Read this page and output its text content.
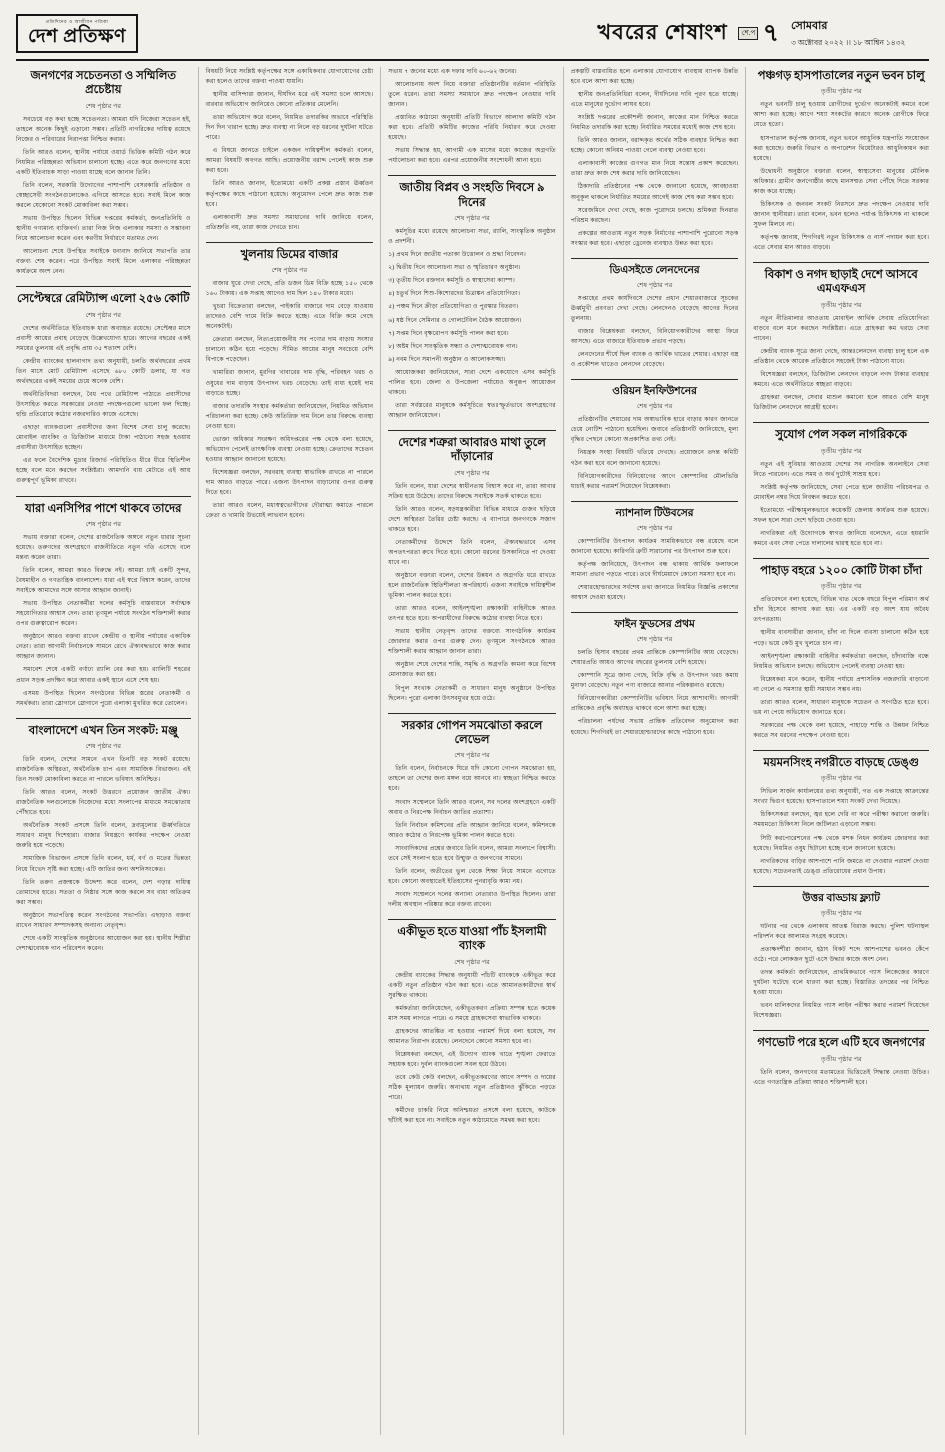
প্রতিদিনের ও আজীবন পত্রিকা
দেশ প্রতিক্ষণ	খবরের শেষাংশ	শে.প ৭ সোমবার
৩ অক্টোবর ২০২২ ।। ১৮ আশ্বিন ১৪৩২
জনগণের সচেতনতা ও সম্মিলিত প্রচেষ্টায়
শেষ পৃষ্ঠার পর

সবচেয়ে বড় কথা হচ্ছে সচেতনতা। আমরা যদি নিজেরা সচেতন হই, তাহলে অনেক কিছুই এড়ানো সম্ভব। প্রতিটি নাগরিকের দায়িত্ব রয়েছে নিজের ও পরিবারের নিরাপত্তা নিশ্চিত করার।

তিনি আরও বলেন, স্থানীয় পর্যায়ে ওয়ার্ড ভিত্তিক কমিটি গঠন করে নিয়মিত পরিচ্ছন্নতা অভিযান চালানো হচ্ছে। এতে করে জনগণের মধ্যে একটি ইতিবাচক সাড়া পাওয়া যাচ্ছে বলে জানান তিনি।

তিনি বলেন, সরকারি উদ্যোগের পাশাপাশি বেসরকারি প্রতিষ্ঠান ও স্বেচ্ছাসেবী সংগঠনগুলোকেও এগিয়ে আসতে হবে। সবাই মিলে কাজ করলে যেকোনো সংকট মোকাবিলা করা সম্ভব।

সভায় উপস্থিত ছিলেন বিভিন্ন দপ্তরের কর্মকর্তা, জনপ্রতিনিধি ও স্থানীয় গণ্যমান্য ব্যক্তিবর্গ। তারা নিজ নিজ এলাকার সমস্যা ও সম্ভাবনা নিয়ে আলোচনা করেন এবং করণীয় নির্ধারণে মতামত দেন।

আলোচনা শেষে উপস্থিত সবাইকে ধন্যবাদ জানিয়ে সভাপতি তার বক্তব্য শেষ করেন। পরে উপস্থিত সবাই মিলে এলাকার পরিচ্ছন্নতা কার্যক্রমে অংশ নেন।

সেপ্টেম্বরে রেমিট্যান্স এলো ২৫৬ কোটি
শেষ পৃষ্ঠার পর

দেশের অর্থনীতিতে ইতিবাচক ধারা অব্যাহত রয়েছে। সেপ্টেম্বর মাসে প্রবাসী আয়ের প্রবাহ বেড়েছে উল্লেখযোগ্য হারে। আগের বছরের একই সময়ের তুলনায় এই প্রবৃদ্ধি প্রায় ৩৫ শতাংশ বেশি।

কেন্দ্রীয় ব্যাংকের হালনাগাদ তথ্য অনুযায়ী, চলতি অর্থবছরের প্রথম তিন মাসে মোট রেমিট্যান্স এসেছে ৬৮০ কোটি ডলার, যা গত অর্থবছরের একই সময়ের চেয়ে অনেক বেশি।

অর্থনীতিবিদরা বলছেন, বৈধ পথে রেমিট্যান্স পাঠাতে প্রবাসীদের উৎসাহিত করতে সরকারের নেওয়া পদক্ষেপগুলো ভালো ফল দিচ্ছে। হুন্ডি প্রতিরোধে কঠোর নজরদারিও কাজে এসেছে।

এছাড়া ব্যাংকগুলো প্রবাসীদের জন্য বিশেষ সেবা চালু করেছে। মোবাইল ব্যাংকিং ও ডিজিটাল মাধ্যমে টাকা পাঠানো সহজ হওয়ায় প্রবাসীরা উৎসাহিত হচ্ছেন।

এর ফলে বৈদেশিক মুদ্রার রিজার্ভ পরিস্থিতিও ধীরে ধীরে স্থিতিশীল হচ্ছে বলে মনে করছেন সংশ্লিষ্টরা। আমদানি ব্যয় মেটাতে এই আয় গুরুত্বপূর্ণ ভূমিকা রাখবে।

যারা এনসিপির পাশে থাকবে তাদের
শেষ পৃষ্ঠার পর

সভায় বক্তারা বলেন, দেশের রাজনৈতিক অঙ্গনে নতুন ধারার সূচনা হয়েছে। তরুণদের অংশগ্রহণে রাজনীতিতে নতুন গতি এসেছে বলে মন্তব্য করেন তারা।

তিনি বলেন, আমরা কারও বিরুদ্ধে নই। আমরা চাই একটি সুন্দর, বৈষম্যহীন ও গণতান্ত্রিক বাংলাদেশ। যারা এই স্বপ্নে বিশ্বাস করেন, তাদের সবাইকে আমাদের সঙ্গে আসার আহ্বান জানাই।

সভায় উপস্থিত নেতাকর্মীরা দলের কর্মসূচি বাস্তবায়নে সর্বাত্মক সহযোগিতার আশ্বাস দেন। তারা তৃণমূল পর্যায়ে সংগঠন শক্তিশালী করার ওপর গুরুত্বারোপ করেন।

অনুষ্ঠানে আরও বক্তব্য রাখেন কেন্দ্রীয় ও স্থানীয় পর্যায়ের একাধিক নেতা। তারা আগামী নির্বাচনকে সামনে রেখে ঐক্যবদ্ধভাবে কাজ করার আহ্বান জানান।

সমাবেশ শেষে একটি বর্ণাঢ্য র‌্যালি বের করা হয়। র‌্যালিটি শহরের প্রধান সড়ক প্রদক্ষিণ করে আবার একই স্থানে এসে শেষ হয়।

এসময় উপস্থিত ছিলেন সংগঠনের বিভিন্ন স্তরের নেতাকর্মী ও সমর্থকরা। তারা স্লোগানে স্লোগানে পুরো এলাকা মুখরিত করে তোলেন।

বাংলাদেশে এখন তিন সংকট: মঞ্জু
শেষ পৃষ্ঠার পর

তিনি বলেন, দেশের সামনে এখন তিনটি বড় সংকট রয়েছে। রাজনৈতিক অস্থিরতা, অর্থনৈতিক চাপ এবং সামাজিক বিভাজন। এই তিন সংকট মোকাবিলা করতে না পারলে ভবিষ্যৎ অনিশ্চিত।

তিনি আরও বলেন, সংকট উত্তরণে প্রয়োজন জাতীয় ঐক্য। রাজনৈতিক দলগুলোকে নিজেদের মধ্যে সংলাপের মাধ্যমে সমঝোতায় পৌঁছাতে হবে।

অর্থনৈতিক সংকট প্রসঙ্গে তিনি বলেন, দ্রব্যমূল্যের ঊর্ধ্বগতিতে সাধারণ মানুষ দিশেহারা। বাজার নিয়ন্ত্রণে কার্যকর পদক্ষেপ নেওয়া জরুরি হয়ে পড়েছে।

সামাজিক বিভাজন প্রসঙ্গে তিনি বলেন, ধর্ম, বর্ণ ও মতের ভিন্নতা নিয়ে বিভেদ সৃষ্টি করা হচ্ছে। এটি জাতির জন্য অশনিসংকেত।

তিনি তরুণ প্রজন্মকে উদ্দেশ্য করে বলেন, দেশ গড়ার দায়িত্ব তোমাদের হাতে। সততা ও নিষ্ঠার সঙ্গে কাজ করলে সব বাধা অতিক্রম করা সম্ভব।

অনুষ্ঠানে সভাপতিত্ব করেন সংগঠনের সভাপতি। এছাড়াও বক্তব্য রাখেন সাধারণ সম্পাদকসহ অন্যান্য নেতৃবৃন্দ।

শেষে একটি সাংস্কৃতিক অনুষ্ঠানের আয়োজন করা হয়। স্থানীয় শিল্পীরা দেশাত্মবোধক গান পরিবেশন করেন।

বিষয়টি নিয়ে সংশ্লিষ্ট কর্তৃপক্ষের সঙ্গে একাধিকবার যোগাযোগের চেষ্টা করা হলেও তাদের বক্তব্য পাওয়া যায়নি।

স্থানীয় বাসিন্দারা জানান, দীর্ঘদিন ধরে এই সমস্যা চলে আসছে। বারবার অভিযোগ জানিয়েও কোনো প্রতিকার মেলেনি।

তারা অভিযোগ করে বলেন, নিয়মিত তদারকির অভাবে পরিস্থিতি দিন দিন খারাপ হচ্ছে। দ্রুত ব্যবস্থা না নিলে বড় ধরনের দুর্ঘটনা ঘটতে পারে।

এ বিষয়ে জানতে চাইলে একজন দায়িত্বশীল কর্মকর্তা বলেন, আমরা বিষয়টি অবগত আছি। প্রয়োজনীয় বরাদ্দ পেলেই কাজ শুরু করা হবে।

তিনি আরও জানান, ইতোমধ্যে একটি প্রকল্প প্রস্তাব ঊর্ধ্বতন কর্তৃপক্ষের কাছে পাঠানো হয়েছে। অনুমোদন পেলে দ্রুত কাজ শুরু হবে।

এলাকাবাসী দ্রুত সমস্যা সমাধানের দাবি জানিয়ে বলেন, প্রতিশ্রুতি নয়, তারা কাজ দেখতে চান।

খুলনায় ডিমের বাজার
শেষ পৃষ্ঠার পর

বাজার ঘুরে দেখা গেছে, প্রতি ডজন ডিম বিক্রি হচ্ছে ১৫০ থেকে ১৬০ টাকায়। এক সপ্তাহ আগেও দাম ছিল ১৪০ টাকার মধ্যে।

খুচরা বিক্রেতারা বলছেন, পাইকারি বাজারে দাম বেড়ে যাওয়ায় তাদেরও বেশি দামে বিক্রি করতে হচ্ছে। এতে বিক্রি কমে গেছে অনেকটাই।

ক্রেতারা বলছেন, নিত্যপ্রয়োজনীয় সব পণ্যের দাম বাড়ায় সংসার চালানো কঠিন হয়ে পড়েছে। সীমিত আয়ের মানুষ সবচেয়ে বেশি বিপাকে পড়েছেন।

খামারিরা জানান, মুরগির খাবারের দাম বৃদ্ধি, পরিবহন খরচ ও ওষুধের দাম বাড়ায় উৎপাদন খরচ বেড়েছে। তাই বাধ্য হয়েই দাম বাড়াতে হচ্ছে।

বাজার তদারকি সংস্থার কর্মকর্তারা জানিয়েছেন, নিয়মিত অভিযান পরিচালনা করা হচ্ছে। কেউ অতিরিক্ত দাম নিলে তার বিরুদ্ধে ব্যবস্থা নেওয়া হবে।

ভোক্তা অধিকার সংরক্ষণ অধিদপ্তরের পক্ষ থেকে বলা হয়েছে, অভিযোগ পেলেই তাৎক্ষণিক ব্যবস্থা নেওয়া হচ্ছে। ক্রেতাদের সচেতন হওয়ার আহ্বান জানানো হয়েছে।

বিশেষজ্ঞরা বলছেন, সরবরাহ ব্যবস্থা স্বাভাবিক রাখতে না পারলে দাম আরও বাড়তে পারে। এজন্য উৎপাদন বাড়ানোর ওপর গুরুত্ব দিতে হবে।

তারা আরও বলেন, মধ্যস্বত্বভোগীদের দৌরাত্ম্য কমাতে পারলে ক্রেতা ও খামারি উভয়েই লাভবান হবেন।

সভায় ৭ জনের মধ্যে এক দফার দাবি ৬০-৬২ জনের।

আলোচনায় অংশ নিয়ে বক্তারা প্রতিষ্ঠানটির বর্তমান পরিস্থিতি তুলে ধরেন। তারা সমস্যা সমাধানে দ্রুত পদক্ষেপ নেওয়ার দাবি জানান।

প্রস্তাবিত কাঠামো অনুযায়ী প্রতিটি বিভাগে আলাদা কমিটি গঠন করা হবে। প্রতিটি কমিটির কাজের পরিধি নির্ধারণ করে দেওয়া হয়েছে।

সভায় সিদ্ধান্ত হয়, আগামী এক মাসের মধ্যে কাজের অগ্রগতি পর্যালোচনা করা হবে। এরপর প্রয়োজনীয় সংশোধনী আনা হবে।

জাতীয় বিপ্লব ও সংহতি দিবসে ৯ দিনের
শেষ পৃষ্ঠার পর

কর্মসূচির মধ্যে রয়েছে আলোচনা সভা, র‌্যালি, সাংস্কৃতিক অনুষ্ঠান ও প্রদর্শনী।

১) প্রথম দিনে জাতীয় পতাকা উত্তোলন ও শ্রদ্ধা নিবেদন।

২) দ্বিতীয় দিনে আলোচনা সভা ও স্মৃতিচারণ অনুষ্ঠান।

৩) তৃতীয় দিনে রক্তদান কর্মসূচি ও স্বাস্থ্যসেবা ক্যাম্প।

৪) চতুর্থ দিনে শিশু-কিশোরদের চিত্রাঙ্কন প্রতিযোগিতা।

৫) পঞ্চম দিনে ক্রীড়া প্রতিযোগিতা ও পুরস্কার বিতরণ।

৬) ষষ্ঠ দিনে সেমিনার ও গোলটেবিল বৈঠক আয়োজন।

৭) সপ্তম দিনে বৃক্ষরোপণ কর্মসূচি পালন করা হবে।

৮) অষ্টম দিনে সাংস্কৃতিক সন্ধ্যা ও দেশাত্মবোধক গান।

৯) নবম দিনে সমাপনী অনুষ্ঠান ও আলোকসজ্জা।

আয়োজকরা জানিয়েছেন, সারা দেশে একযোগে এসব কর্মসূচি পালিত হবে। জেলা ও উপজেলা পর্যায়েও অনুরূপ আয়োজন থাকবে।

তারা সর্বস্তরের মানুষকে কর্মসূচিতে স্বতঃস্ফূর্তভাবে অংশগ্রহণের আহ্বান জানিয়েছেন।

দেশের শত্রুরা আবারও মাথা তুলে দাঁড়ানোর
শেষ পৃষ্ঠার পর

তিনি বলেন, যারা দেশের স্বাধীনতায় বিশ্বাস করে না, তারা আবার সক্রিয় হয়ে উঠেছে। তাদের বিরুদ্ধে সবাইকে সতর্ক থাকতে হবে।

তিনি আরও বলেন, ষড়যন্ত্রকারীরা বিভিন্ন মাধ্যমে গুজব ছড়িয়ে দেশে অস্থিরতা তৈরির চেষ্টা করছে। এ ব্যাপারে জনগণকে সজাগ থাকতে হবে।

নেতাকর্মীদের উদ্দেশে তিনি বলেন, ঐক্যবদ্ধভাবে এসব অপতৎপরতা রুখে দিতে হবে। কোনো ধরনের উসকানিতে পা দেওয়া যাবে না।

অনুষ্ঠানে বক্তারা বলেন, দেশের উন্নয়ন ও অগ্রগতি ধরে রাখতে হলে রাজনৈতিক স্থিতিশীলতা অপরিহার্য। এজন্য সবাইকে দায়িত্বশীল ভূমিকা পালন করতে হবে।

তারা আরও বলেন, আইনশৃঙ্খলা রক্ষাকারী বাহিনীকে আরও তৎপর হতে হবে। অপরাধীদের বিরুদ্ধে কঠোর ব্যবস্থা নিতে হবে।

সভায় স্থানীয় নেতৃবৃন্দ তাদের বক্তব্যে সাংগঠনিক কার্যক্রম জোরদার করার ওপর গুরুত্ব দেন। তৃণমূলে সংগঠনকে আরও শক্তিশালী করার আহ্বান জানান তারা।

অনুষ্ঠান শেষে দেশের শান্তি, সমৃদ্ধি ও অগ্রগতি কামনা করে বিশেষ মোনাজাত করা হয়।

বিপুল সংখ্যক নেতাকর্মী ও সাধারণ মানুষ অনুষ্ঠানে উপস্থিত ছিলেন। পুরো এলাকা উৎসবমুখর হয়ে ওঠে।

সরকার গোপন সমঝোতা করলে লেভেল
শেষ পৃষ্ঠার পর

তিনি বলেন, নির্বাচনকে ঘিরে যদি কোনো গোপন সমঝোতা হয়, তাহলে তা দেশের জন্য মঙ্গল বয়ে আনবে না। স্বচ্ছতা নিশ্চিত করতে হবে।

সংবাদ সম্মেলনে তিনি আরও বলেন, সব দলের অংশগ্রহণে একটি অবাধ ও নিরপেক্ষ নির্বাচন জাতির প্রত্যাশা।

তিনি নির্বাচন কমিশনের প্রতি আহ্বান জানিয়ে বলেন, কমিশনকে আরও কঠোর ও নিরপেক্ষ ভূমিকা পালন করতে হবে।

সাংবাদিকদের প্রশ্নের জবাবে তিনি বলেন, আমরা সংলাপে বিশ্বাসী। তবে সেই সংলাপ হতে হবে উন্মুক্ত ও জনগণের সামনে।

তিনি বলেন, অতীতের ভুল থেকে শিক্ষা নিয়ে সামনে এগোতে হবে। কোনো অবস্থাতেই ইতিহাসের পুনরাবৃত্তি কাম্য নয়।

সংবাদ সম্মেলনে দলের অন্যান্য নেতারাও উপস্থিত ছিলেন। তারা দলীয় অবস্থান পরিষ্কার করে বক্তব্য রাখেন।

একীভূত হতে যাওয়া পাঁচ ইসলামী ব্যাংক
শেষ পৃষ্ঠার পর

কেন্দ্রীয় ব্যাংকের সিদ্ধান্ত অনুযায়ী পাঁচটি ব্যাংককে একীভূত করে একটি নতুন প্রতিষ্ঠান গঠন করা হবে। এতে আমানতকারীদের স্বার্থ সুরক্ষিত থাকবে।

কর্মকর্তারা জানিয়েছেন, একীভূতকরণ প্রক্রিয়া সম্পন্ন হতে কয়েক মাস সময় লাগতে পারে। এ সময়ে গ্রাহকসেবা স্বাভাবিক থাকবে।

গ্রাহকদের আতঙ্কিত না হওয়ার পরামর্শ দিয়ে বলা হয়েছে, সব আমানত নিরাপদ রয়েছে। লেনদেনে কোনো সমস্যা হবে না।

বিশ্লেষকরা বলছেন, এই উদ্যোগ ব্যাংক খাতে শৃঙ্খলা ফেরাতে সহায়ক হবে। দুর্বল ব্যাংকগুলো সবল হয়ে উঠবে।

তবে কেউ কেউ বলছেন, একীভূতকরণের আগে সম্পদ ও দায়ের সঠিক মূল্যায়ন জরুরি। অন্যথায় নতুন প্রতিষ্ঠানও ঝুঁকিতে পড়তে পারে।

কর্মীদের চাকরি নিয়ে অনিশ্চয়তা প্রসঙ্গে বলা হয়েছে, কাউকে ছাঁটাই করা হবে না। সবাইকে নতুন কাঠামোতে সমন্বয় করা হবে।

প্রকল্পটি বাস্তবায়িত হলে এলাকার যোগাযোগ ব্যবস্থায় ব্যাপক উন্নতি হবে বলে আশা করা হচ্ছে।

স্থানীয় জনপ্রতিনিধিরা বলেন, দীর্ঘদিনের দাবি পূরণ হতে যাচ্ছে। এতে মানুষের দুর্ভোগ লাঘব হবে।

সংশ্লিষ্ট দপ্তরের প্রকৌশলী জানান, কাজের মান নিশ্চিত করতে নিয়মিত তদারকি করা হচ্ছে। নির্ধারিত সময়ের মধ্যেই কাজ শেষ হবে।

তিনি আরও জানান, বরাদ্দকৃত অর্থের সঠিক ব্যবহার নিশ্চিত করা হচ্ছে। কোনো অনিয়ম পাওয়া গেলে ব্যবস্থা নেওয়া হবে।

এলাকাবাসী কাজের গুণগত মান নিয়ে সন্তোষ প্রকাশ করেছেন। তারা দ্রুত কাজ শেষ করার দাবি জানিয়েছেন।

ঠিকাদারি প্রতিষ্ঠানের পক্ষ থেকে জানানো হয়েছে, আবহাওয়া অনুকূল থাকলে নির্ধারিত সময়ের আগেই কাজ শেষ করা সম্ভব হবে।

সরেজমিনে দেখা গেছে, কাজ পুরোদমে চলছে। শ্রমিকরা দিনরাত পরিশ্রম করছেন।

প্রকল্পের আওতায় নতুন সড়ক নির্মাণের পাশাপাশি পুরোনো সড়ক সংস্কার করা হবে। এছাড়া ড্রেনেজ ব্যবস্থাও উন্নত করা হবে।

ডিএসইতে লেনদেনের
শেষ পৃষ্ঠার পর

সপ্তাহের প্রথম কার্যদিবসে দেশের প্রধান শেয়ারবাজারে সূচকের ঊর্ধ্বমুখী প্রবণতা দেখা গেছে। লেনদেনও বেড়েছে আগের দিনের তুলনায়।

বাজার বিশ্লেষকরা বলছেন, বিনিয়োগকারীদের আস্থা ফিরে আসছে। এতে বাজারে ইতিবাচক প্রভাব পড়ছে।

লেনদেনের শীর্ষে ছিল ব্যাংক ও আর্থিক খাতের শেয়ার। এছাড়া বস্ত্র ও প্রকৌশল খাতেও লেনদেন বেড়েছে।

ওরিয়ন ইনফিউশনের
শেষ পৃষ্ঠার পর

প্রতিষ্ঠানটির শেয়ারের দাম অস্বাভাবিক হারে বাড়ার কারণ জানতে চেয়ে নোটিশ পাঠানো হয়েছিল। জবাবে প্রতিষ্ঠানটি জানিয়েছে, মূল্য বৃদ্ধির পেছনে কোনো অপ্রকাশিত তথ্য নেই।

নিয়ন্ত্রক সংস্থা বিষয়টি খতিয়ে দেখছে। প্রয়োজনে তদন্ত কমিটি গঠন করা হবে বলে জানানো হয়েছে।

বিনিয়োগকারীদের বিনিয়োগের আগে কোম্পানির মৌলভিত্তি যাচাই করার পরামর্শ দিয়েছেন বিশ্লেষকরা।

ন্যাশনাল টিউবসের
শেষ পৃষ্ঠার পর

কোম্পানিটির উৎপাদন কার্যক্রম সাময়িকভাবে বন্ধ রয়েছে বলে জানানো হয়েছে। কারিগরি ত্রুটি সারানোর পর উৎপাদন শুরু হবে।

কর্তৃপক্ষ জানিয়েছে, উৎপাদন বন্ধ থাকায় আর্থিক ফলাফলে সামান্য প্রভাব পড়তে পারে। তবে দীর্ঘমেয়াদে কোনো সমস্যা হবে না।

শেয়ারহোল্ডারদের সর্বশেষ তথ্য জানাতে নিয়মিত বিজ্ঞপ্তি প্রকাশের আশ্বাস দেওয়া হয়েছে।

ফাইন ফুডসের প্রথম
শেষ পৃষ্ঠার পর

চলতি হিসাব বছরের প্রথম প্রান্তিকে কোম্পানিটির আয় বেড়েছে। শেয়ারপ্রতি আয়ও আগের বছরের তুলনায় বেশি হয়েছে।

কোম্পানি সূত্রে জানা গেছে, বিক্রি বৃদ্ধি ও উৎপাদন খরচ কমায় মুনাফা বেড়েছে। নতুন পণ্য বাজারে আনার পরিকল্পনাও রয়েছে।

বিনিয়োগকারীরা কোম্পানিটির ভবিষ্যৎ নিয়ে আশাবাদী। আগামী প্রান্তিকেও প্রবৃদ্ধি অব্যাহত থাকবে বলে আশা করা হচ্ছে।

পরিচালনা পর্ষদের সভায় প্রান্তিক প্রতিবেদন অনুমোদন করা হয়েছে। শিগগিরই তা শেয়ারহোল্ডারদের কাছে পাঠানো হবে।

পঞ্চগড় হাসপাতালের নতুন ভবন চালু
তৃতীয় পৃষ্ঠার পর

নতুন ভবনটি চালু হওয়ায় রোগীদের দুর্ভোগ অনেকটাই কমবে বলে আশা করা হচ্ছে। আগে শয্যা সংকটের কারণে অনেক রোগীকে ফিরে যেতে হতো।

হাসপাতাল কর্তৃপক্ষ জানায়, নতুন ভবনে আধুনিক যন্ত্রপাতি সংযোজন করা হয়েছে। জরুরি বিভাগ ও অপারেশন থিয়েটারও আধুনিকায়ন করা হয়েছে।

উদ্বোধনী অনুষ্ঠানে বক্তারা বলেন, স্বাস্থ্যসেবা মানুষের মৌলিক অধিকার। গ্রামীণ জনগোষ্ঠীর কাছে মানসম্মত সেবা পৌঁছে দিতে সরকার কাজ করে যাচ্ছে।

চিকিৎসক ও জনবল সংকট নিরসনে দ্রুত পদক্ষেপ নেওয়ার দাবি জানান স্থানীয়রা। তারা বলেন, ভবন হলেও পর্যাপ্ত চিকিৎসক না থাকলে সুফল মিলবে না।

কর্তৃপক্ষ জানায়, শিগগিরই নতুন চিকিৎসক ও নার্স পদায়ন করা হবে। এতে সেবার মান আরও বাড়বে।

বিকাশ ও নগদ ছাড়াই দেশে আসবে এমএফএস
তৃতীয় পৃষ্ঠার পর

নতুন নীতিমালার আওতায় মোবাইল আর্থিক সেবায় প্রতিযোগিতা বাড়বে বলে মনে করছেন সংশ্লিষ্টরা। এতে গ্রাহকরা কম খরচে সেবা পাবেন।

কেন্দ্রীয় ব্যাংক সূত্রে জানা গেছে, আন্তঃলেনদেন ব্যবস্থা চালু হলে এক প্রতিষ্ঠান থেকে আরেক প্রতিষ্ঠানে সহজেই টাকা পাঠানো যাবে।

বিশেষজ্ঞরা বলছেন, ডিজিটাল লেনদেন বাড়লে নগদ টাকার ব্যবহার কমবে। এতে অর্থনীতিতে স্বচ্ছতা বাড়বে।

গ্রাহকরা বলছেন, সেবার মাশুল কমানো হলে আরও বেশি মানুষ ডিজিটাল লেনদেনে আগ্রহী হবেন।

সুযোগ পেল সকল নাগরিককে
তৃতীয় পৃষ্ঠার পর

নতুন এই সুবিধার আওতায় দেশের সব নাগরিক অনলাইনে সেবা নিতে পারবেন। এতে সময় ও অর্থ দুটোই সাশ্রয় হবে।

সংশ্লিষ্ট কর্তৃপক্ষ জানিয়েছে, সেবা পেতে হলে জাতীয় পরিচয়পত্র ও মোবাইল নম্বর দিয়ে নিবন্ধন করতে হবে।

ইতোমধ্যে পরীক্ষামূলকভাবে কয়েকটি জেলায় কার্যক্রম শুরু হয়েছে। সফল হলে সারা দেশে ছড়িয়ে দেওয়া হবে।

নাগরিকরা এই উদ্যোগকে স্বাগত জানিয়ে বলেছেন, এতে হয়রানি কমবে এবং সেবা পেতে দালালের দ্বারস্থ হতে হবে না।

পাহাড় বহরে ১২০০ কোটি টাকা চাঁদা
তৃতীয় পৃষ্ঠার পর

প্রতিবেদনে বলা হয়েছে, বিভিন্ন খাত থেকে বছরে বিপুল পরিমাণ অর্থ চাঁদা হিসেবে আদায় করা হয়। এর একটি বড় অংশ যায় অবৈধ তৎপরতায়।

স্থানীয় ব্যবসায়ীরা জানান, চাঁদা না দিলে ব্যবসা চালানো কঠিন হয়ে পড়ে। ভয়ে কেউ মুখ খুলতে চান না।

আইনশৃঙ্খলা রক্ষাকারী বাহিনীর কর্মকর্তারা বলছেন, চাঁদাবাজি বন্ধে নিয়মিত অভিযান চলছে। অভিযোগ পেলেই ব্যবস্থা নেওয়া হয়।

বিশ্লেষকরা মনে করেন, স্থানীয় পর্যায়ে প্রশাসনিক নজরদারি বাড়ানো না গেলে এ সমস্যার স্থায়ী সমাধান সম্ভব নয়।

তারা আরও বলেন, সাধারণ মানুষকে সচেতন ও সংগঠিত হতে হবে। ভয় না পেয়ে অভিযোগ জানাতে হবে।

সরকারের পক্ষ থেকে বলা হয়েছে, পাহাড়ে শান্তি ও উন্নয়ন নিশ্চিত করতে সব ধরনের পদক্ষেপ নেওয়া হবে।

ময়মনসিংহ নগরীতে বাড়ছে ডেঙ্গু
তৃতীয় পৃষ্ঠার পর

সিভিল সার্জন কার্যালয়ের তথ্য অনুযায়ী, গত এক সপ্তাহে আক্রান্তের সংখ্যা দ্বিগুণ হয়েছে। হাসপাতালে শয্যা সংকট দেখা দিয়েছে।

চিকিৎসকরা বলছেন, জ্বর হলে দেরি না করে পরীক্ষা করানো জরুরি। সময়মতো চিকিৎসা নিলে জটিলতা এড়ানো সম্ভব।

সিটি করপোরেশনের পক্ষ থেকে মশক নিধন কার্যক্রম জোরদার করা হয়েছে। নিয়মিত ওষুধ ছিটানো হচ্ছে বলে জানানো হয়েছে।

নাগরিকদের বাড়ির আশপাশে পানি জমতে না দেওয়ার পরামর্শ দেওয়া হয়েছে। সচেতনতাই ডেঙ্গু প্রতিরোধের প্রধান উপায়।

উত্তর বাড্ডায় ফ্ল্যাট
তৃতীয় পৃষ্ঠার পর

ঘটনার পর থেকে এলাকায় আতঙ্ক বিরাজ করছে। পুলিশ ঘটনাস্থল পরিদর্শন করে আলামত সংগ্রহ করেছে।

প্রত্যক্ষদর্শীরা জানান, হঠাৎ বিকট শব্দে আশপাশের ভবনও কেঁপে ওঠে। পরে লোকজন ছুটে এসে উদ্ধার কাজে অংশ নেন।

তদন্ত কর্মকর্তা জানিয়েছেন, প্রাথমিকভাবে গ্যাস লিকেজের কারণে দুর্ঘটনা ঘটেছে বলে ধারণা করা হচ্ছে। বিস্তারিত তদন্তের পর নিশ্চিত হওয়া যাবে।

ভবন মালিকদের নিয়মিত গ্যাস লাইন পরীক্ষা করার পরামর্শ দিয়েছেন বিশেষজ্ঞরা।

গণভোট পরে হলে এটি হবে জনগণের
তৃতীয় পৃষ্ঠার পর

তিনি বলেন, জনগণের মতামতের ভিত্তিতেই সিদ্ধান্ত নেওয়া উচিত। এতে গণতান্ত্রিক প্রক্রিয়া আরও শক্তিশালী হবে।
